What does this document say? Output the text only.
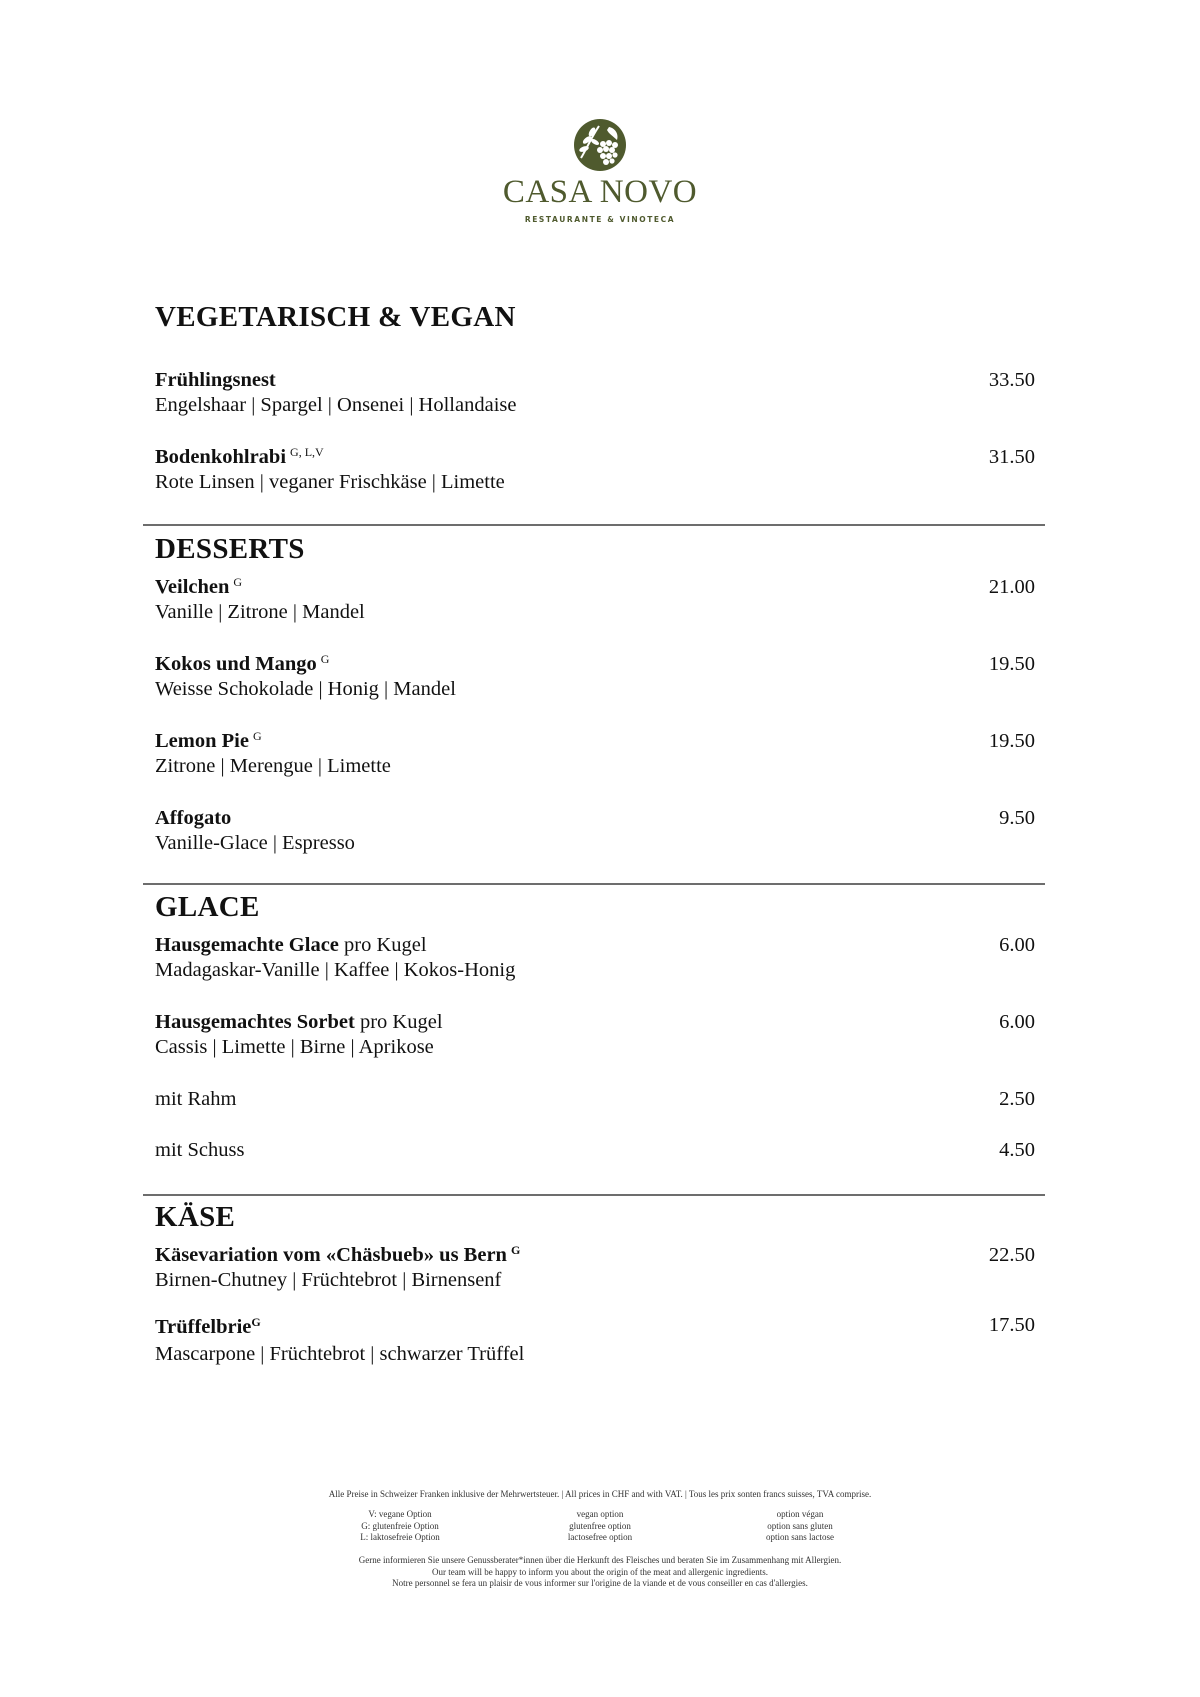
CASA NOVO
RESTAURANTE & VINOTECA
VEGETARISCH & VEGAN
Frühlingsnest
Engelshaar | Spargel | Onsenei | Hollandaise
33.50
Bodenkohlrabi $^{G, L,V}$
Rote Linsen | veganer Frischkäse | Limette
31.50
DESSERTS
Veilchen $^G$
Vanille | Zitrone | Mandel
21.00
Kokos und Mango $^G$
Weisse Schokolade | Honig | Mandel
19.50
Lemon Pie $^G$
Zitrone | Merengue | Limette
19.50
Affogato
Vanille-Glace | Espresso
9.50
GLACE
Hausgemachte Glace pro Kugel
Madagaskar-Vanille | Kaffee | Kokos-Honig
6.00
Hausgemachtes Sorbet pro Kugel
Cassis | Limette | Birne | Aprikose
6.00
mit Rahm	2.50
mit Schuss	4.50
KÄSE
Käsevariation vom «Chäsbueb» us Bern $^G$
Birnen-Chutney | Früchtebrot | Birnensenf
22.50
Trüffelbrie$^G$
Mascarpone | Früchtebrot | schwarzer Trüffel
17.50
Alle Preise in Schweizer Franken inklusive der Mehrwertsteuer. | All prices in CHF and with VAT. | Tous les prix sonten francs suisses, TVA comprise.
V: vegane Option
G: glutenfreie Option
L: laktosefreie Option
vegan option
glutenfree option
lactosefree option
option végan
option sans gluten
option sans lactose
Gerne informieren Sie unsere Genussberater*innen über die Herkunft des Fleisches und beraten Sie im Zusammenhang mit Allergien.
Our team will be happy to inform you about the origin of the meat and allergenic ingredients.
Notre personnel se fera un plaisir de vous informer sur l'origine de la viande et de vous conseiller en cas d'allergies.
